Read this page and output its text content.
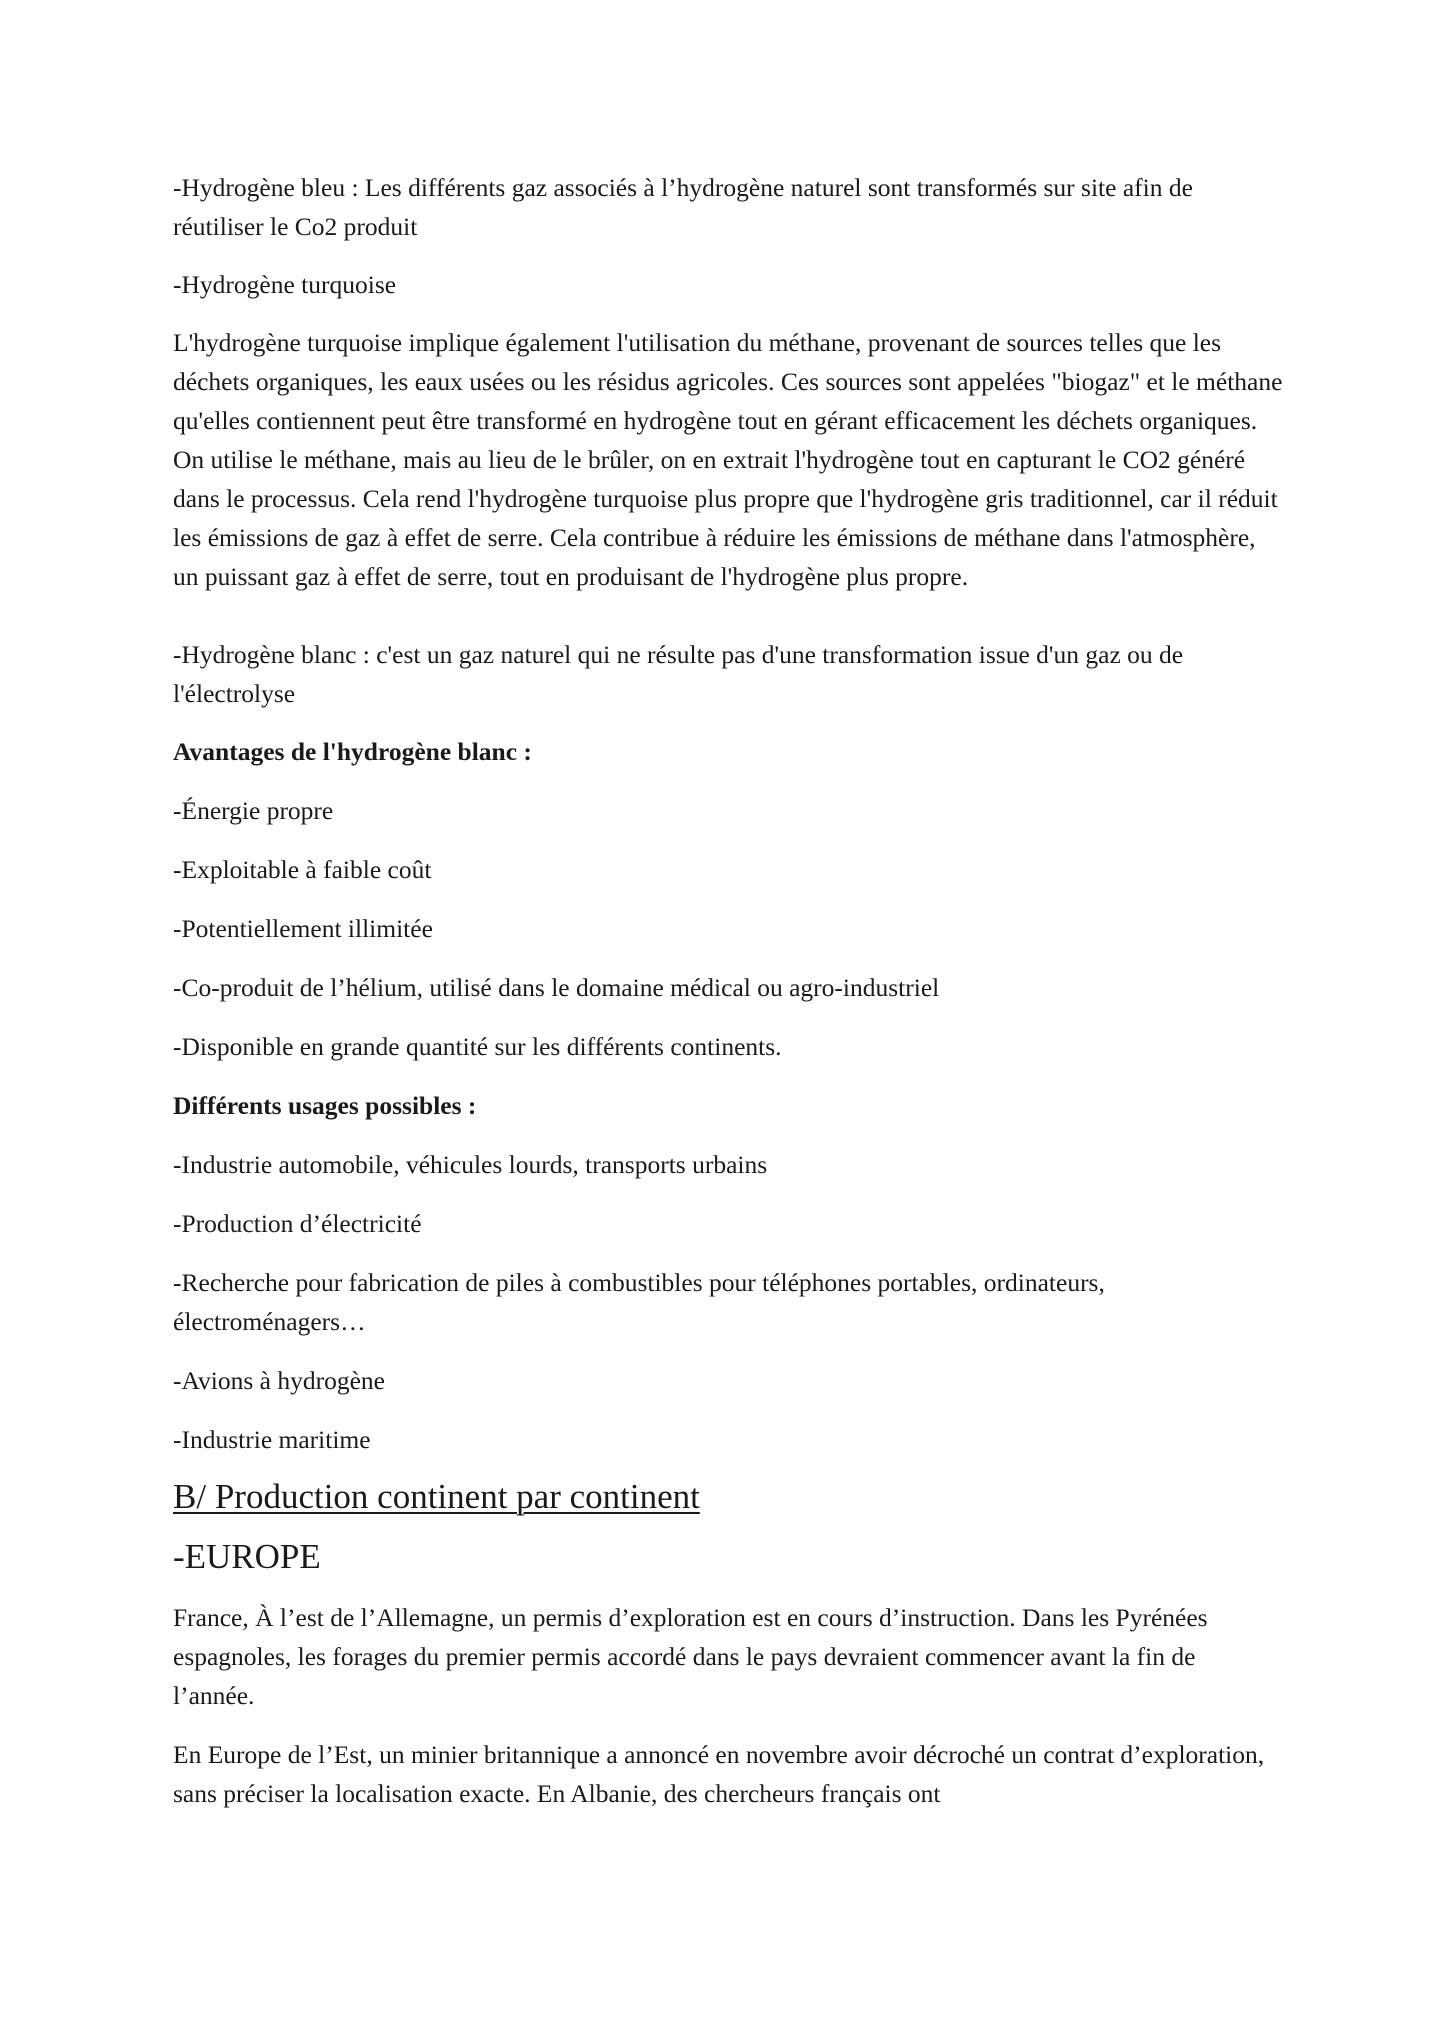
-Hydrogène bleu : Les différents gaz associés à l’hydrogène naturel sont transformés sur site afin de réutiliser le Co2 produit

-Hydrogène turquoise

L'hydrogène turquoise implique également l'utilisation du méthane, provenant de sources telles que les déchets organiques, les eaux usées ou les résidus agricoles. Ces sources sont appelées "biogaz" et le méthane qu'elles contiennent peut être transformé en hydrogène tout en gérant efficacement les déchets organiques. On utilise le méthane, mais au lieu de le brûler, on en extrait l'hydrogène tout en capturant le CO2 généré dans le processus. Cela rend l'hydrogène turquoise plus propre que l'hydrogène gris traditionnel, car il réduit les émissions de gaz à effet de serre. Cela contribue à réduire les émissions de méthane dans l'atmosphère, un puissant gaz à effet de serre, tout en produisant de l'hydrogène plus propre.

-Hydrogène blanc : c'est un gaz naturel qui ne résulte pas d'une transformation issue d'un gaz ou de l'électrolyse

Avantages de l'hydrogène blanc :

-Énergie propre

-Exploitable à faible coût

-Potentiellement illimitée

-Co-produit de l’hélium, utilisé dans le domaine médical ou agro-industriel

-Disponible en grande quantité sur les différents continents.

Différents usages possibles :

-Industrie automobile, véhicules lourds, transports urbains

-Production d’électricité

-Recherche pour fabrication de piles à combustibles pour téléphones portables, ordinateurs, électroménagers…

-Avions à hydrogène

-Industrie maritime

B/ Production continent par continent

-EUROPE

France, À l’est de l’Allemagne, un permis d’exploration est en cours d’instruction. Dans les Pyrénées espagnoles, les forages du premier permis accordé dans le pays devraient commencer avant la fin de l’année.

En Europe de l’Est, un minier britannique a annoncé en novembre avoir décroché un contrat d’exploration, sans préciser la localisation exacte. En Albanie, des chercheurs français ont
